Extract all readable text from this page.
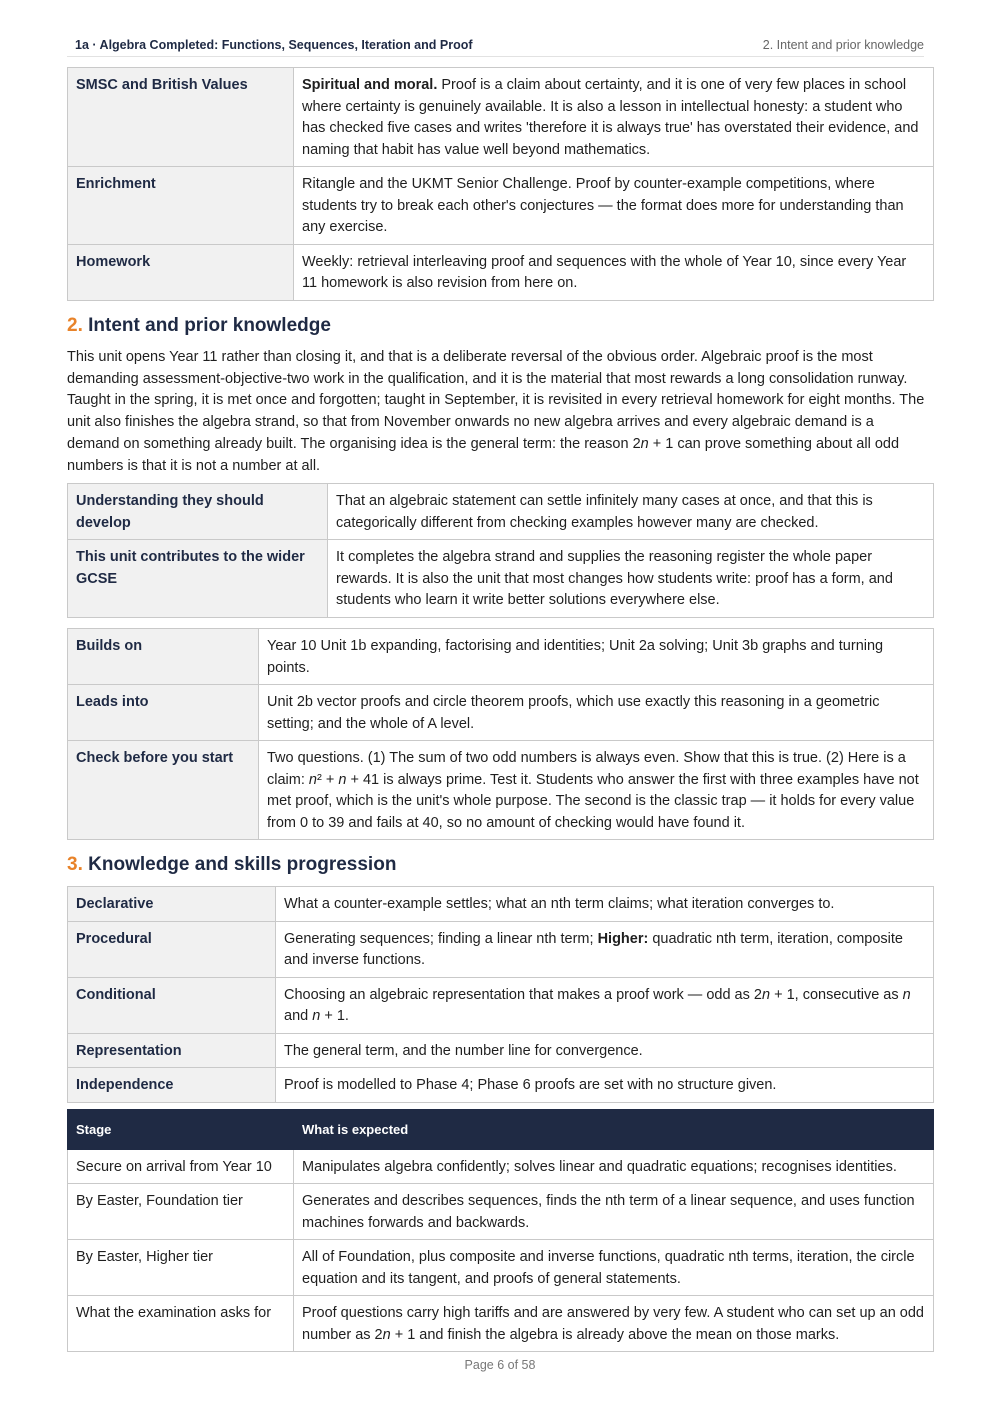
1a · Algebra Completed: Functions, Sequences, Iteration and Proof	2. Intent and prior knowledge
SMSC and British Values	Spiritual and moral. Proof is a claim about certainty, and it is one of very few places in school where certainty is genuinely available. It is also a lesson in intellectual honesty: a student who has checked five cases and writes 'therefore it is always true' has overstated their evidence, and naming that habit has value well beyond mathematics.
Enrichment	Ritangle and the UKMT Senior Challenge. Proof by counter-example competitions, where students try to break each other's conjectures — the format does more for understanding than any exercise.
Homework	Weekly: retrieval interleaving proof and sequences with the whole of Year 10, since every Year 11 homework is also revision from here on.
2. Intent and prior knowledge

This unit opens Year 11 rather than closing it, and that is a deliberate reversal of the obvious order. Algebraic proof is the most demanding assessment-objective-two work in the qualification, and it is the material that most rewards a long consolidation runway. Taught in the spring, it is met once and forgotten; taught in September, it is revisited in every retrieval homework for eight months. The unit also finishes the algebra strand, so that from November onwards no new algebra arrives and every algebraic demand is a demand on something already built. The organising idea is the general term: the reason 2n + 1 can prove something about all odd numbers is that it is not a number at all.

Understanding they should develop	That an algebraic statement can settle infinitely many cases at once, and that this is categorically different from checking examples however many are checked.
This unit contributes to the wider GCSE	It completes the algebra strand and supplies the reasoning register the whole paper rewards. It is also the unit that most changes how students write: proof has a form, and students who learn it write better solutions everywhere else.
Builds on	Year 10 Unit 1b expanding, factorising and identities; Unit 2a solving; Unit 3b graphs and turning points.
Leads into	Unit 2b vector proofs and circle theorem proofs, which use exactly this reasoning in a geometric setting; and the whole of A level.
Check before you start	Two questions. (1) The sum of two odd numbers is always even. Show that this is true. (2) Here is a claim: n² + n + 41 is always prime. Test it. Students who answer the first with three examples have not met proof, which is the unit's whole purpose. The second is the classic trap — it holds for every value from 0 to 39 and fails at 40, so no amount of checking would have found it.
3. Knowledge and skills progression
Declarative	What a counter-example settles; what an nth term claims; what iteration converges to.
Procedural	Generating sequences; finding a linear nth term; Higher: quadratic nth term, iteration, composite and inverse functions.
Conditional	Choosing an algebraic representation that makes a proof work — odd as 2n + 1, consecutive as n and n + 1.
Representation	The general term, and the number line for convergence.
Independence	Proof is modelled to Phase 4; Phase 6 proofs are set with no structure given.
Stage	What is expected
Secure on arrival from Year 10	Manipulates algebra confidently; solves linear and quadratic equations; recognises identities.
By Easter, Foundation tier	Generates and describes sequences, finds the nth term of a linear sequence, and uses function machines forwards and backwards.
By Easter, Higher tier	All of Foundation, plus composite and inverse functions, quadratic nth terms, iteration, the circle equation and its tangent, and proofs of general statements.
What the examination asks for	Proof questions carry high tariffs and are answered by very few. A student who can set up an odd number as 2n + 1 and finish the algebra is already above the mean on those marks.
Page 6 of 58
